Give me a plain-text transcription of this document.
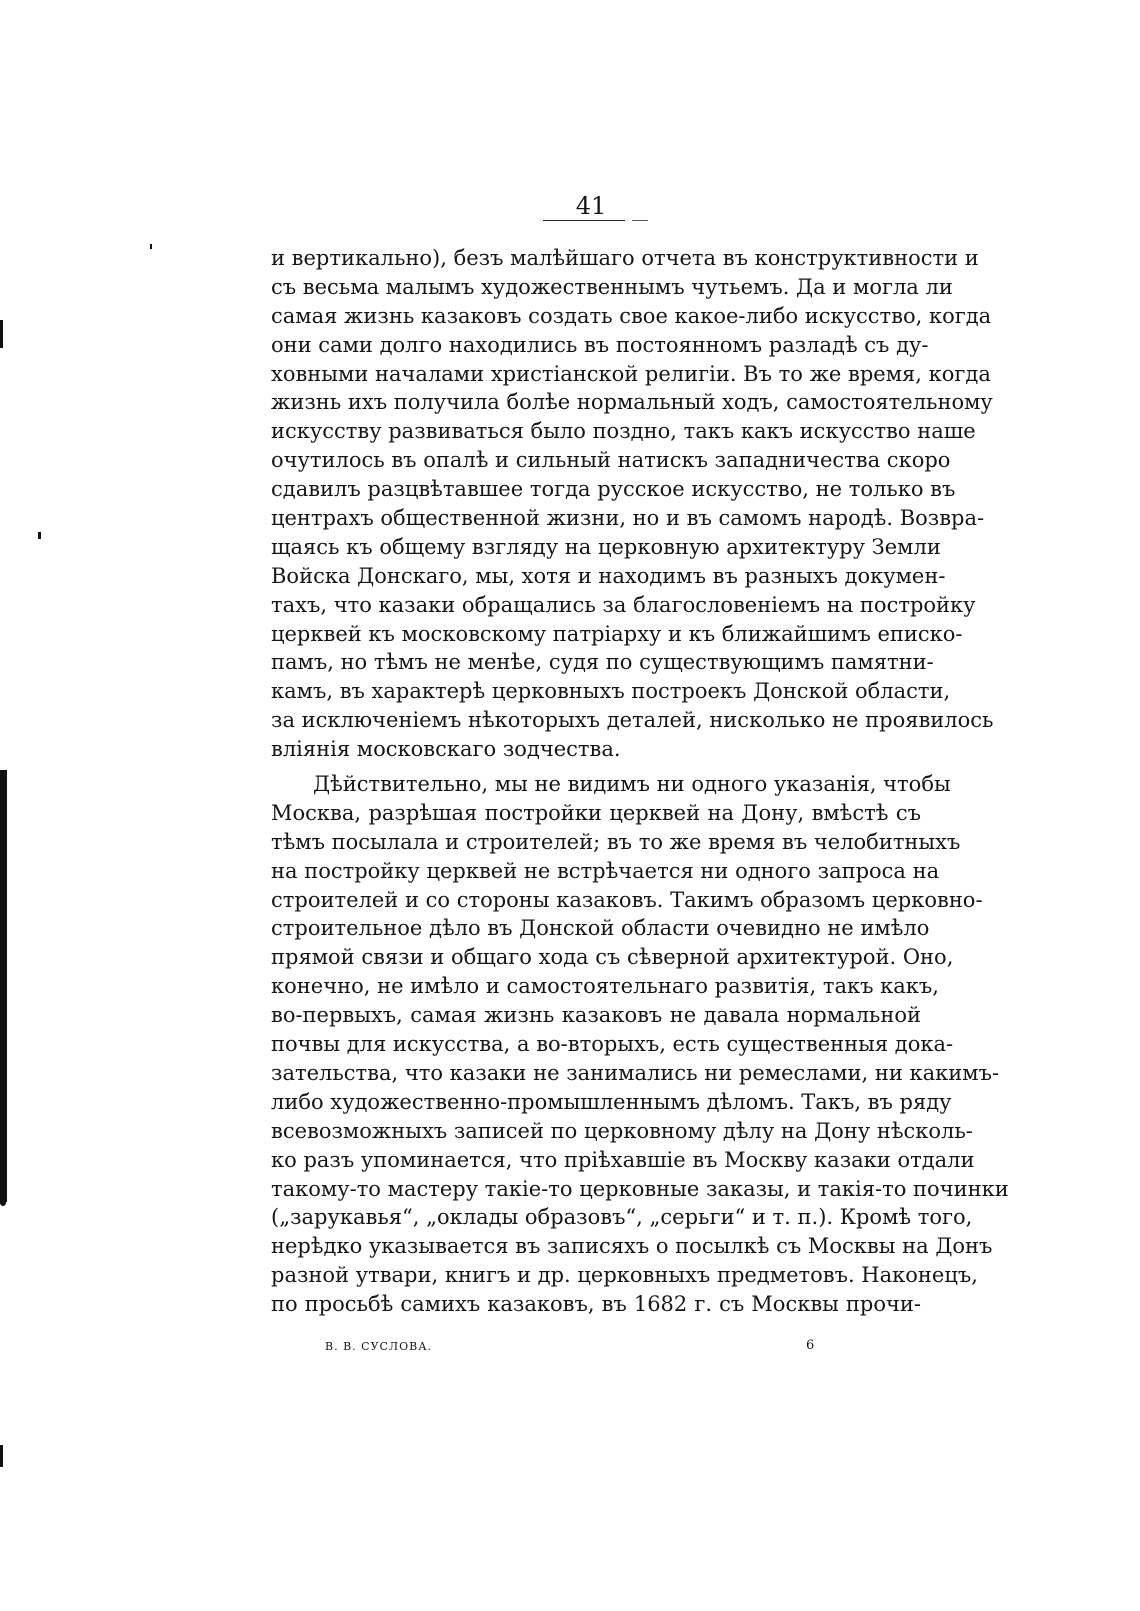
41
и вертикально), безъ малѣйшаго отчета въ конструктивности и
съ весьма малымъ художественнымъ чутьемъ. Да и могла ли
самая жизнь казаковъ создать свое какое-либо искусство, когда
они сами долго находились въ постоянномъ разладѣ съ ду-
ховными началами христіанской религіи. Въ то же время, когда
жизнь ихъ получила болѣе нормальный ходъ, самостоятельному
искусству развиваться было поздно, такъ какъ искусство наше
очутилось въ опалѣ и сильный натискъ западничества скоро
сдавилъ разцвѣтавшее тогда русское искусство, не только въ
центрахъ общественной жизни, но и въ самомъ народѣ. Возвра-
щаясь къ общему взгляду на церковную архитектуру Земли
Войска Донскаго, мы, хотя и находимъ въ разныхъ докумен-
тахъ, что казаки обращались за благословеніемъ на постройку
церквей къ московскому патріарху и къ ближайшимъ еписко-
памъ, но тѣмъ не менѣе, судя по существующимъ памятни-
камъ, въ характерѣ церковныхъ построекъ Донской области,
за исключеніемъ нѣкоторыхъ деталей, нисколько не проявилось
вліянія московскаго зодчества.
Дѣйствительно, мы не видимъ ни одного указанія, чтобы
Москва, разрѣшая постройки церквей на Дону, вмѣстѣ съ
тѣмъ посылала и строителей; въ то же время въ челобитныхъ
на постройку церквей не встрѣчается ни одного запроса на
строителей и со стороны казаковъ. Такимъ образомъ церковно-
строительное дѣло въ Донской области очевидно не имѣло
прямой связи и общаго хода съ сѣверной архитектурой. Оно,
конечно, не имѣло и самостоятельнаго развитія, такъ какъ,
во-первыхъ, самая жизнь казаковъ не давала нормальной
почвы для искусства, а во-вторыхъ, есть существенныя дока-
зательства, что казаки не занимались ни ремеслами, ни какимъ-
либо художественно-промышленнымъ дѣломъ. Такъ, въ ряду
всевозможныхъ записей по церковному дѣлу на Дону нѣсколь-
ко разъ упоминается, что пріѣхавшіе въ Москву казаки отдали
такому-то мастеру такіе-то церковные заказы, и такія-то починки
(„зарукавья“, „оклады образовъ“, „серьги“ и т. п.). Кромѣ того,
нерѣдко указывается въ записяхъ о посылкѣ съ Москвы на Донъ
разной утвари, книгъ и др. церковныхъ предметовъ. Наконецъ,
по просьбѣ самихъ казаковъ, въ 1682 г. съ Москвы прочи-
В. В. СУСЛОВА.	6
